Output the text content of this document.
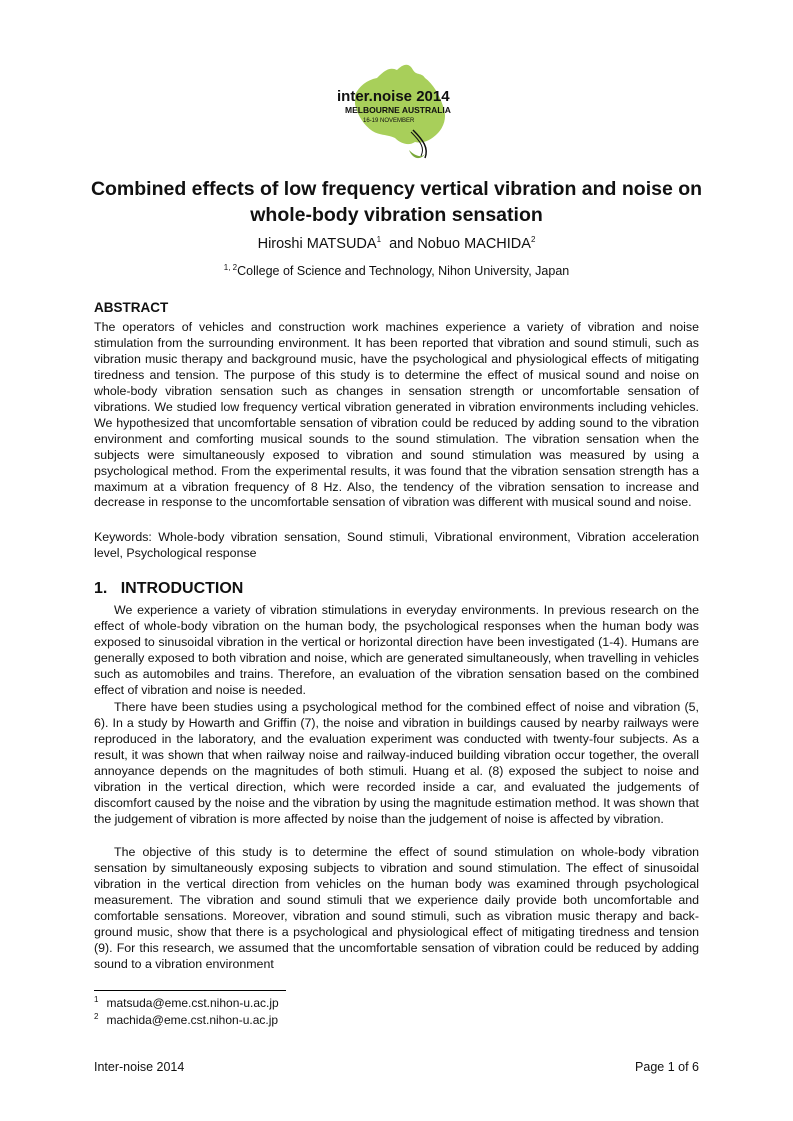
inter.noise 2014
MELBOURNE AUSTRALIA
16-19 NOVEMBER
Combined effects of low frequency vertical vibration and noise on whole-body vibration sensation
Hiroshi MATSUDA$^1$ and Nobuo MACHIDA$^2$
$^{1, 2}$College of Science and Technology, Nihon University, Japan
ABSTRACT

The operators of vehicles and construction work machines experience a variety of vibration and noise stimulation from the surrounding environment. It has been reported that vibration and sound stimuli, such as vibration music therapy and background music, have the psychological and physiological effects of mitigating tiredness and tension. The purpose of this study is to determine the effect of musical sound and noise on whole-body vibration sensation such as changes in sensation strength or uncomfortable sensation of vibrations. We studied low frequency vertical vibration generated in vibration environments including vehicles. We hypothesized that uncomfortable sensation of vibration could be reduced by adding sound to the vibration environment and comforting musical sounds to the sound stimulation. The vibration sensation when the subjects were simultaneously exposed to vibration and sound stimulation was measured by using a psychological method. From the experimental results, it was found that the vibration sensation strength has a maximum at a vibration frequency of 8 Hz. Also, the tendency of the vibration sensation to increase and decrease in response to the uncomfortable sensation of vibration was different with musical sound and noise.

Keywords: Whole-body vibration sensation, Sound stimuli, Vibrational environment, Vibration acceleration level, Psychological response

1. INTRODUCTION

We experience a variety of vibration stimulations in everyday environments. In previous research on the effect of whole-body vibration on the human body, the psychological responses when the human body was exposed to sinusoidal vibration in the vertical or horizontal direction have been investigated (1-4). Humans are generally exposed to both vibration and noise, which are generated simultaneously, when travelling in vehicles such as automobiles and trains. Therefore, an evaluation of the vibration sensation based on the combined effect of vibration and noise is needed.

There have been studies using a psychological method for the combined effect of noise and vibration (5, 6). In a study by Howarth and Griffin (7), the noise and vibration in buildings caused by nearby railways were reproduced in the laboratory, and the evaluation experiment was conducted with twenty-four subjects. As a result, it was shown that when railway noise and railway-induced building vibration occur together, the overall annoyance depends on the magnitudes of both stimuli. Huang et al. (8) exposed the subject to noise and vibration in the vertical direction, which were recorded inside a car, and evaluated the judgements of discomfort caused by the noise and the vibration by using the magnitude estimation method. It was shown that the judgement of vibration is more affected by noise than the judgement of noise is affected by vibration.

The objective of this study is to determine the effect of sound stimulation on whole-body vibration sensation by simultaneously exposing subjects to vibration and sound stimulation. The effect of sinusoidal vibration in the vertical direction from vehicles on the human body was examined through psychological measurement. The vibration and sound stimuli that we experience daily provide both uncomfortable and comfortable sensations. Moreover, vibration and sound stimuli, such as vibration music therapy and back-ground music, show that there is a psychological and physiological effect of mitigating tiredness and tension (9). For this research, we assumed that the uncomfortable sensation of vibration could be reduced by adding sound to a vibration environment

$^1$ matsuda@eme.cst.nihon-u.ac.jp
$^2$ machida@eme.cst.nihon-u.ac.jp
Inter-noise 2014	Page 1 of 6
